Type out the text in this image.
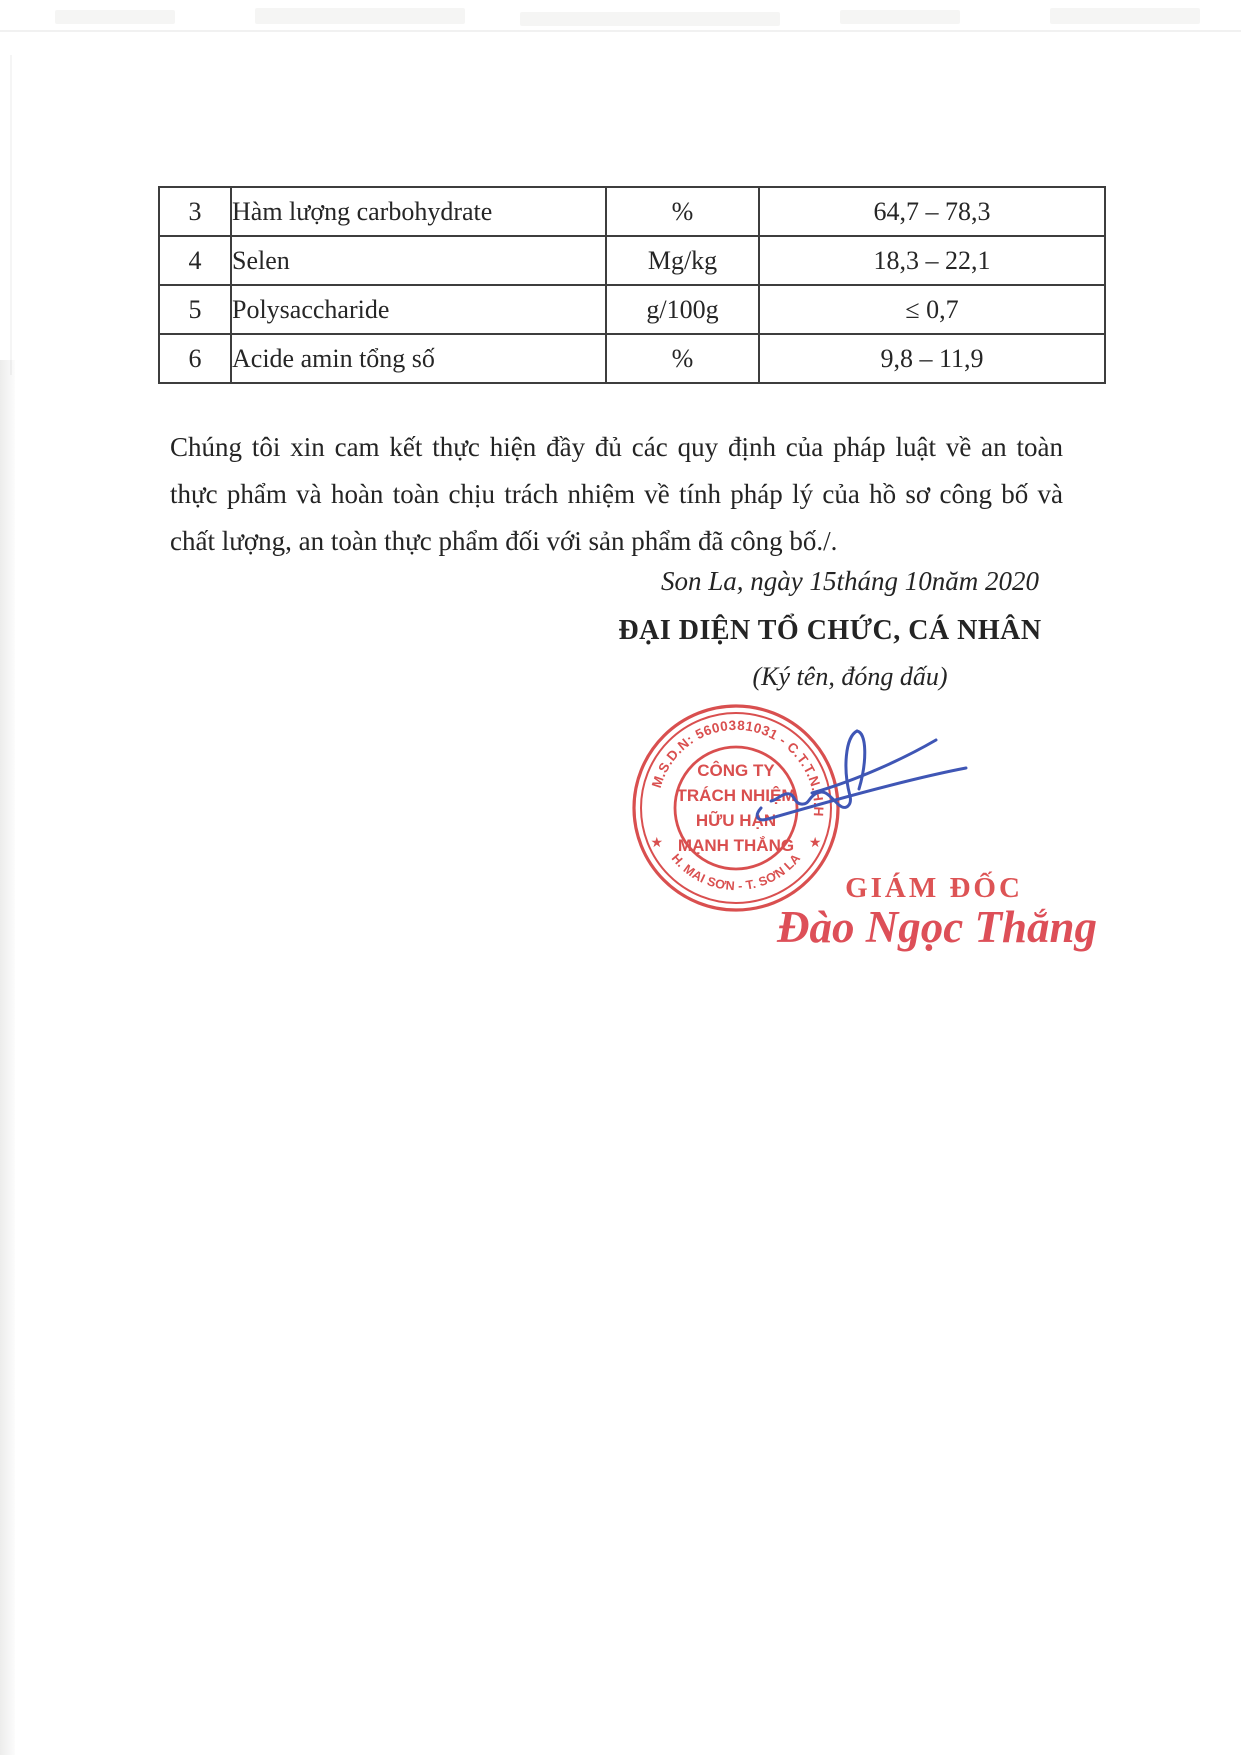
3	Hàm lượng carbohydrate	%	64,7 – 78,3
4	Selen	Mg/kg	18,3 – 22,1
5	Polysaccharide	g/100g	≤ 0,7
6	Acide amin tổng số	%	9,8 – 11,9
Chúng tôi xin cam kết thực hiện đầy đủ các quy định của pháp luật về an toàn
thực phẩm và hoàn toàn chịu trách nhiệm về tính pháp lý của hồ sơ công bố và
chất lượng, an toàn thực phẩm đối với sản phẩm đã công bố./.
Son La, ngày 15tháng 10năm 2020
ĐẠI DIỆN TỔ CHỨC, CÁ NHÂN
(Ký tên, đóng dấu)
M.S.D.N: 5600381031 - C.T.T.N.H.H
H. MAI SƠN - T. SƠN LA
★	★
CÔNG TY
TRÁCH NHIỆM
HỮU HẠN
MẠNH THẮNG
GIÁM ĐỐC
Đào Ngọc Thắng
